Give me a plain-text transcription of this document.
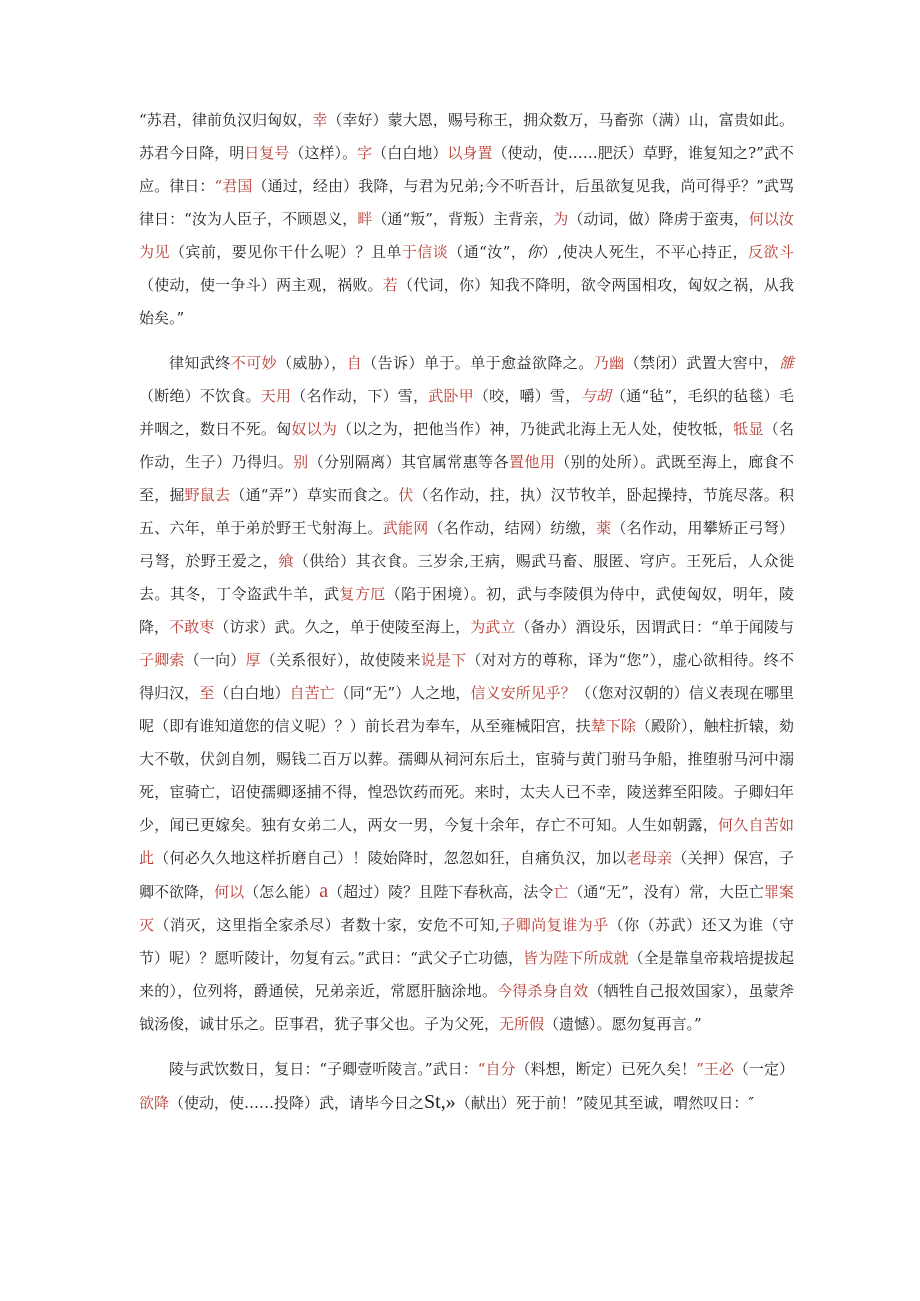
“苏君，律前负汉归匈奴，幸（幸好）蒙大恩，赐号称王，拥众数万，马畜弥（满）山，富贵如此。苏君今日降，明日复号（这样）。字（白白地）以身置（使动，使……肥沃）草野，谁复知之?”武不应。律日：“君国（通过，经由）我降，与君为兄弟;今不听吾计，后虽欲复见我，尚可得乎？”武骂律日：“汝为人臣子，不顾恩义，畔（通“叛”，背叛）主背亲，为（动词，做）降虏于蛮夷，何以汝为见（宾前，要见你干什么呢）？且单于信谈（通“汝”，你）,使决人死生，不平心持正，反欲斗（使动，使一争斗）两主观，祸败。若（代词，你）知我不降明，欲令两国相攻，匈奴之祸，从我始矣。”

律知武终不可妙（威胁），自（告诉）单于。单于愈益欲降之。乃幽（禁闭）武置大窖中，雒（断绝）不饮食。天用（名作动，下）雪，武卧甲（咬，嚼）雪，与胡（通“毡”，毛织的毡毯）毛并咽之，数日不死。匈奴以为（以之为，把他当作）神，乃徙武北海上无人处，使牧牴，牴显（名作动，生子）乃得归。别（分别隔离）其官属常惠等各置他用（别的处所）。武既至海上，廊食不至，掘野鼠去（通“弄”）草实而食之。伏（名作动，拄，执）汉节牧羊，卧起操持，节旄尽落。积五、六年，单于弟於野王弋射海上。武能网（名作动，结网）纺缴，薬（名作动，用攀矫正弓弩）弓弩，於野王爱之，飨（供给）其衣食。三岁余,王病，赐武马畜、服匿、穹庐。王死后，人众徙去。其冬，丁令盗武牛羊，武复方厄（陷于困境）。初，武与李陵俱为侍中，武使匈奴，明年，陵降，不敢枣（访求）武。久之，单于使陵至海上，为武立（备办）酒设乐，因谓武日：“单于闻陵与子卿索（一向）厚（关系很好），故使陵来说是下（对对方的尊称，译为“您”），虚心欲相待。终不得归汉，至（白白地）自苦亡（同“无”）人之地，信义安所见乎？（（您对汉朝的）信义表现在哪里呢（即有谁知道您的信义呢）？）前长君为奉车，从至雍械阳宫，扶辇下除（殿阶），触柱折辕，劾大不敬，伏剑自刎，赐钱二百万以葬。孺卿从祠河东后土，宦骑与黄门驸马争船，推堕驸马河中溺死，宦骑亡，诏使孺卿逐捕不得，惶恐饮药而死。来时，太夫人已不幸，陵送葬至阳陵。子卿妇年少，闻已更嫁矣。独有女弟二人，两女一男，今复十余年，存亡不可知。人生如朝露，何久自苦如此（何必久久地这样折磨自己）！陵始降时，忽忽如狂，自痛负汉，加以老母亲（关押）保宫，子卿不欲降，何以（怎么能）a（超过）陵？且陛下春秋高，法令亡（通“无”，没有）常，大臣亡罪案灭（消灭，这里指全家杀尽）者数十家，安危不可知,子卿尚复谁为乎（你（苏武）还又为谁（守节）呢）？愿听陵计，勿复有云。”武日：“武父子亡功德，皆为陛下所成就（全是靠皇帝栽培提拔起来的），位列将，爵通侯，兄弟亲近，常愿肝脑涂地。今得杀身自效（牺牲自己报效国家），虽蒙斧钺汤俊，诚甘乐之。臣事君，犹子事父也。子为父死，无所假（遗憾）。愿勿复再言。”

陵与武饮数日，复日：“子卿壹听陵言。”武日：“自分（料想，断定）已死久矣！”王必（一定）欲降（使动，使……投降）武，请毕今日之St,»（献出）死于前！”陵见其至诚，喟然叹日：″
